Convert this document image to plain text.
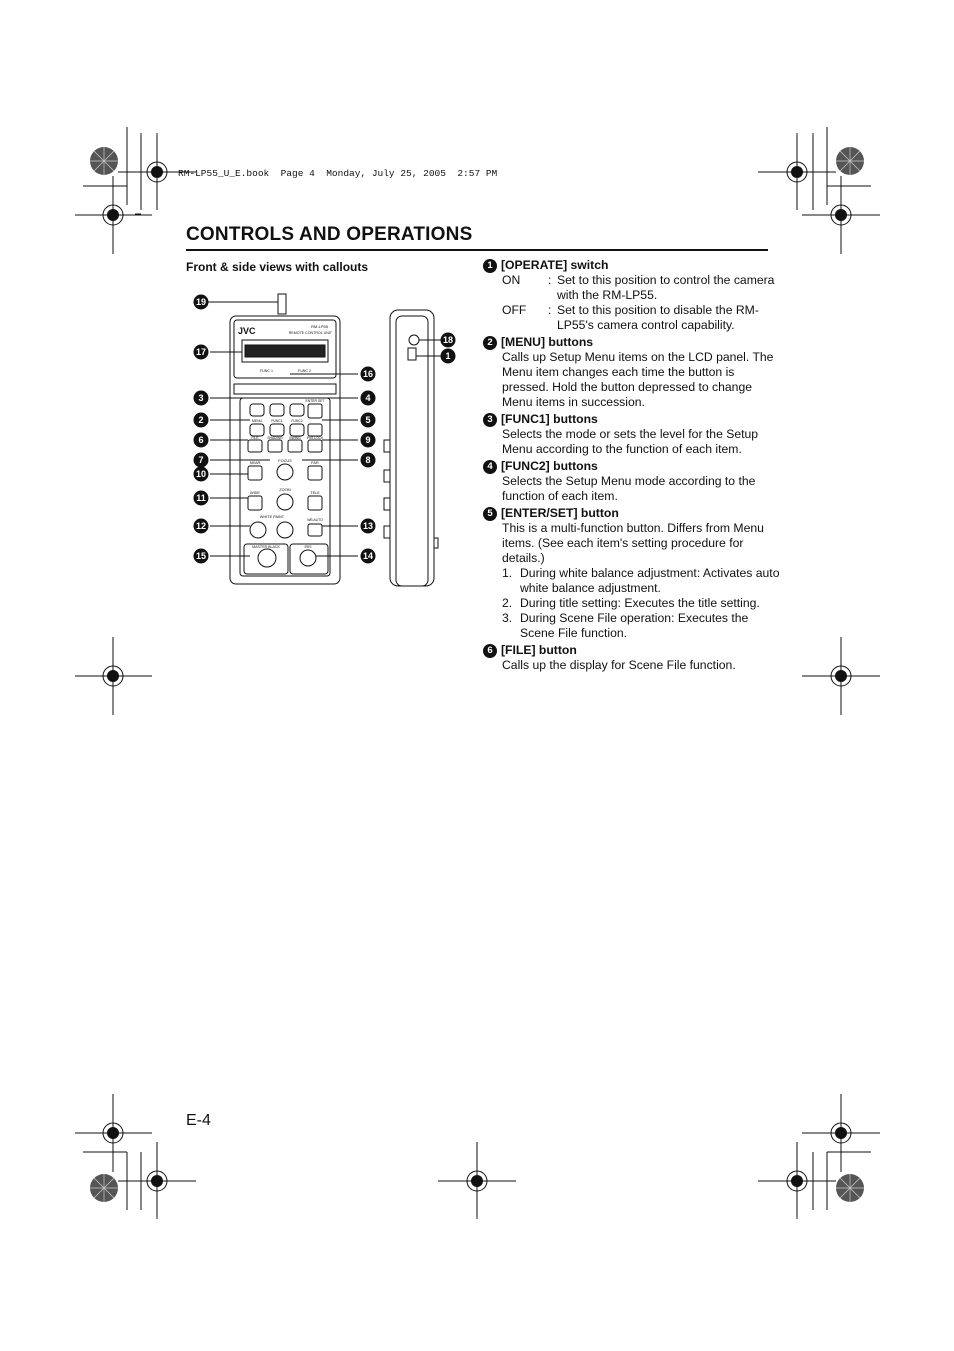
RM-LP55_U_E.book  Page 4  Monday, July 25, 2005  2:57 PM
CONTROLS AND OPERATIONS
Front & side views with callouts
19
17
3
2
6
7
10
11
12
15
16
4
5
9
8
13
14
18
1
JVC	RM-LP55
REMOTE CONTROL UNIT
FUNC 1	FUNC 2
MENU	FUNC1	FUNC2
ENTER SET
FILE	SHADING SWING IRIS LOCK
NEAR	FOCUS	FAR
WIDE
ZOOM
TELE
WHITE PAINT
WB AUTO
MASTER BLACK	IRIS
1 [OPERATE] switch
ON	: Set to this position to control the camera with the RM-LP55.
OFF	: Set to this position to disable the RM-LP55's camera control capability.
2 [MENU] buttons
Calls up Setup Menu items on the LCD panel. The Menu item changes each time the button is pressed. Hold the button depressed to change Menu items in succession.
3 [FUNC1] buttons
Selects the mode or sets the level for the Setup Menu according to the function of each item.
4 [FUNC2] buttons
Selects the Setup Menu mode according to the function of each item.
5 [ENTER/SET] button
This is a multi-function button. Differs from Menu items. (See each item's setting procedure for details.)
1. During white balance adjustment: Activates auto white balance adjustment.
2. During title setting: Executes the title setting.
3. During Scene File operation: Executes the Scene File function.
6 [FILE] button
Calls up the display for Scene File function.
E-4
